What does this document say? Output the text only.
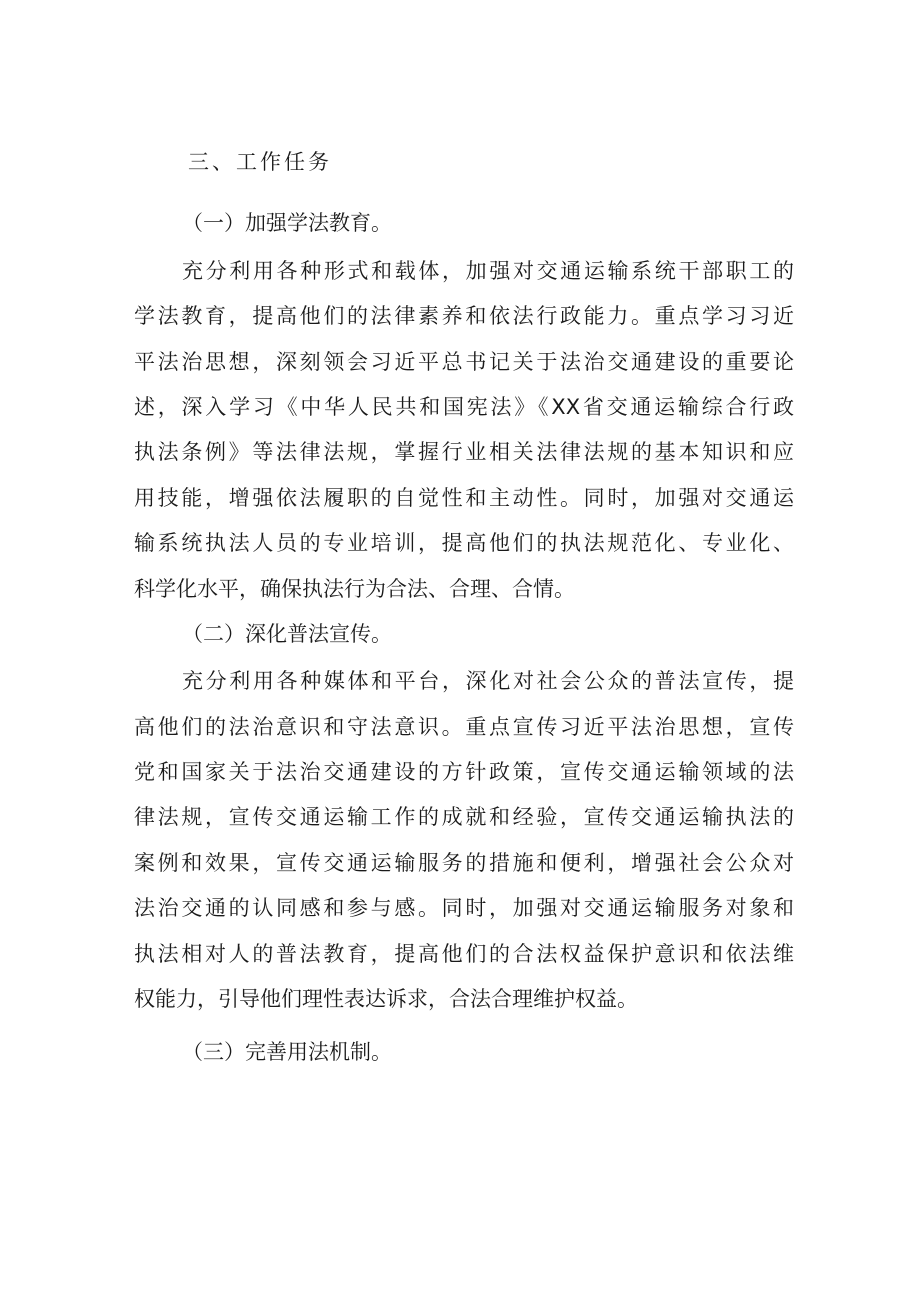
三、工作任务
（一）加强学法教育。
充分利用各种形式和载体，加强对交通运输系统干部职工的
学法教育，提高他们的法律素养和依法行政能力。重点学习习近
平法治思想，深刻领会习近平总书记关于法治交通建设的重要论
述，深入学习《中华人民共和国宪法》《XX省交通运输综合行政
执法条例》等法律法规，掌握行业相关法律法规的基本知识和应
用技能，增强依法履职的自觉性和主动性。同时，加强对交通运
输系统执法人员的专业培训，提高他们的执法规范化、专业化、
科学化水平，确保执法行为合法、合理、合情。
（二）深化普法宣传。
充分利用各种媒体和平台，深化对社会公众的普法宣传，提
高他们的法治意识和守法意识。重点宣传习近平法治思想，宣传
党和国家关于法治交通建设的方针政策，宣传交通运输领域的法
律法规，宣传交通运输工作的成就和经验，宣传交通运输执法的
案例和效果，宣传交通运输服务的措施和便利，增强社会公众对
法治交通的认同感和参与感。同时，加强对交通运输服务对象和
执法相对人的普法教育，提高他们的合法权益保护意识和依法维
权能力，引导他们理性表达诉求，合法合理维护权益。
（三）完善用法机制。
